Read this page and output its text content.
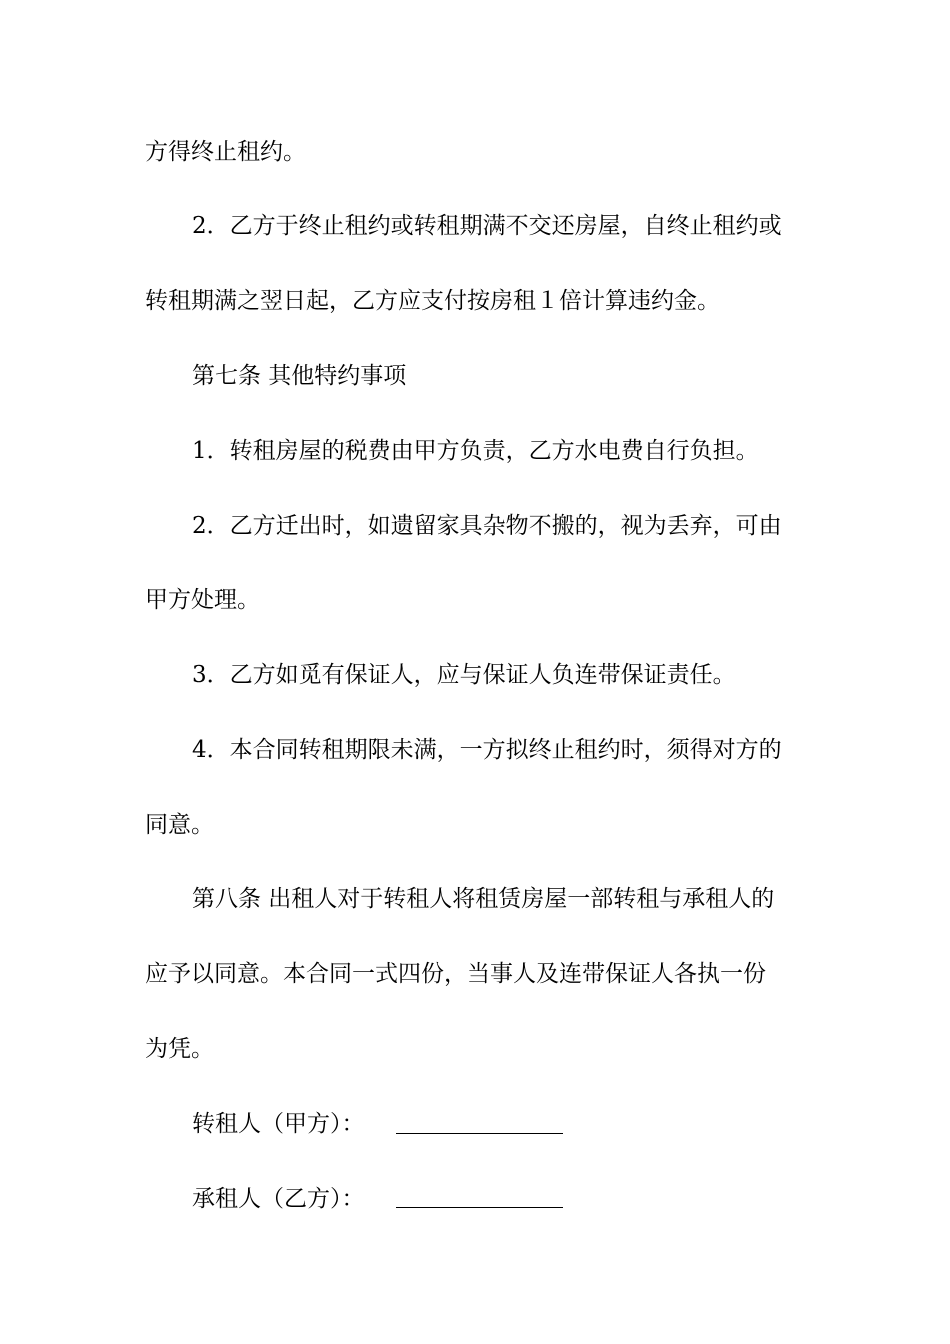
方得终止租约。
2．乙方于终止租约或转租期满不交还房屋，自终止租约或
转租期满之翌日起，乙方应支付按房租１倍计算违约金。
第七条 其他特约事项
1．转租房屋的税费由甲方负责，乙方水电费自行负担。
2．乙方迁出时，如遗留家具杂物不搬的，视为丢弃，可由
甲方处理。
3．乙方如觅有保证人，应与保证人负连带保证责任。
4．本合同转租期限未满，一方拟终止租约时，须得对方的
同意。
第八条 出租人对于转租人将租赁房屋一部转租与承租人的
应予以同意。本合同一式四份，当事人及连带保证人各执一份
为凭。
转租人（甲方）：
承租人（乙方）：
